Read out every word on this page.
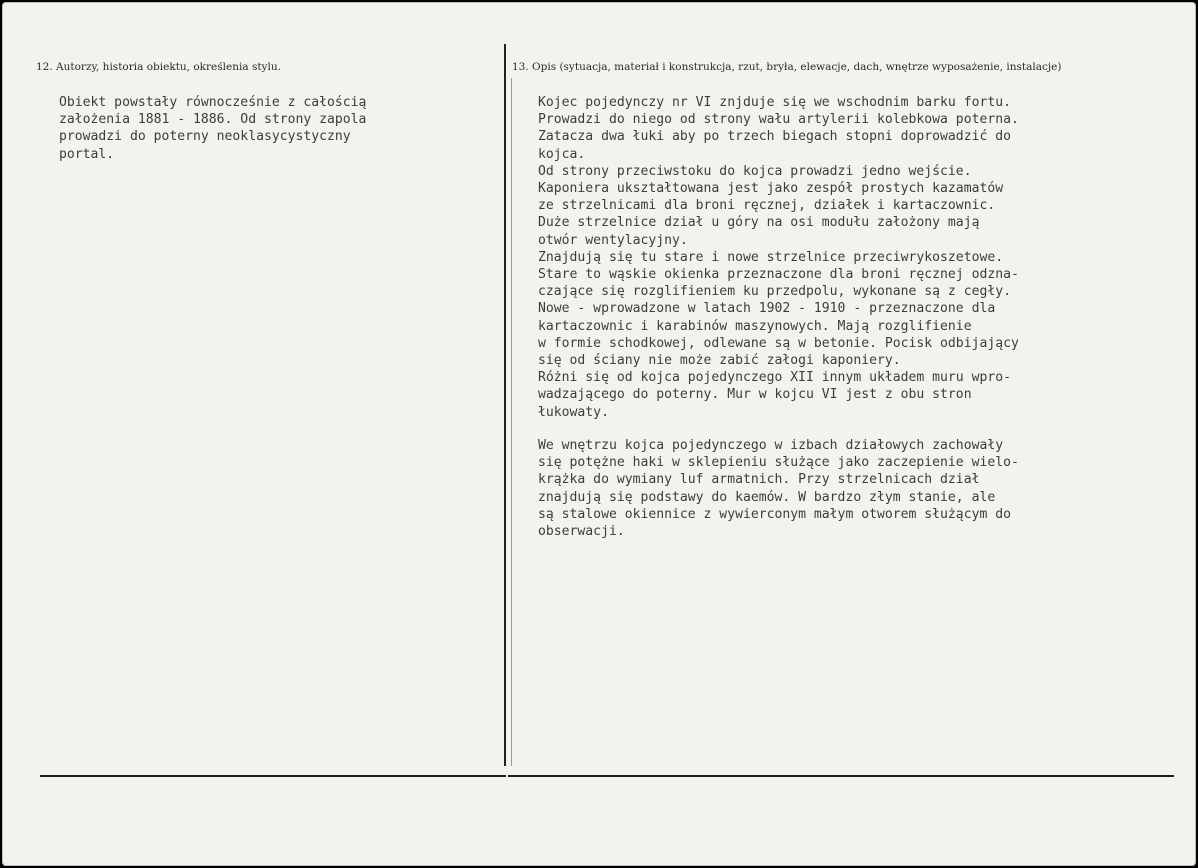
12. Autorzy, historia obiektu, określenia stylu.

Obiekt powstały równocześnie z całością
założenia 1881 - 1886. Od strony zapola
prowadzi do poterny neoklasycystyczny
portal.

13. Opis (sytuacja, materiał i konstrukcja, rzut, bryła, elewacje, dach, wnętrze wyposażenie, instalacje)

Kojec pojedynczy nr VI znjduje się we wschodnim barku fortu.
Prowadzi do niego od strony wału artylerii kolebkowa poterna.
Zatacza dwa łuki aby po trzech biegach stopni doprowadzić do
kojca.
Od strony przeciwstoku do kojca prowadzi jedno wejście.
Kaponiera ukształtowana jest jako zespół prostych kazamatów
ze strzelnicami dla broni ręcznej, działek i kartaczownic.
Duże strzelnice dział u góry na osi modułu założony mają
otwór wentylacyjny.
Znajdują się tu stare i nowe strzelnice przeciwrykoszetowe.
Stare to wąskie okienka przeznaczone dla broni ręcznej odzna-
czające się rozglifieniem ku przedpolu, wykonane są z cegły.
Nowe - wprowadzone w latach 1902 - 1910 - przeznaczone dla
kartaczownic i karabinów maszynowych. Mają rozglifienie
w formie schodkowej, odlewane są w betonie. Pocisk odbijający
się od ściany nie może zabić załogi kaponiery.
Różni się od kojca pojedynczego XII innym układem muru wpro-
wadzającego do poterny. Mur w kojcu VI jest z obu stron
łukowaty.

We wnętrzu kojca pojedynczego w izbach działowych zachowały
się potężne haki w sklepieniu służące jako zaczepienie wielo-
krążka do wymiany luf armatnich. Przy strzelnicach dział
znajdują się podstawy do kaemów. W bardzo złym stanie, ale
są stalowe okiennice z wywierconym małym otworem służącym do
obserwacji.
